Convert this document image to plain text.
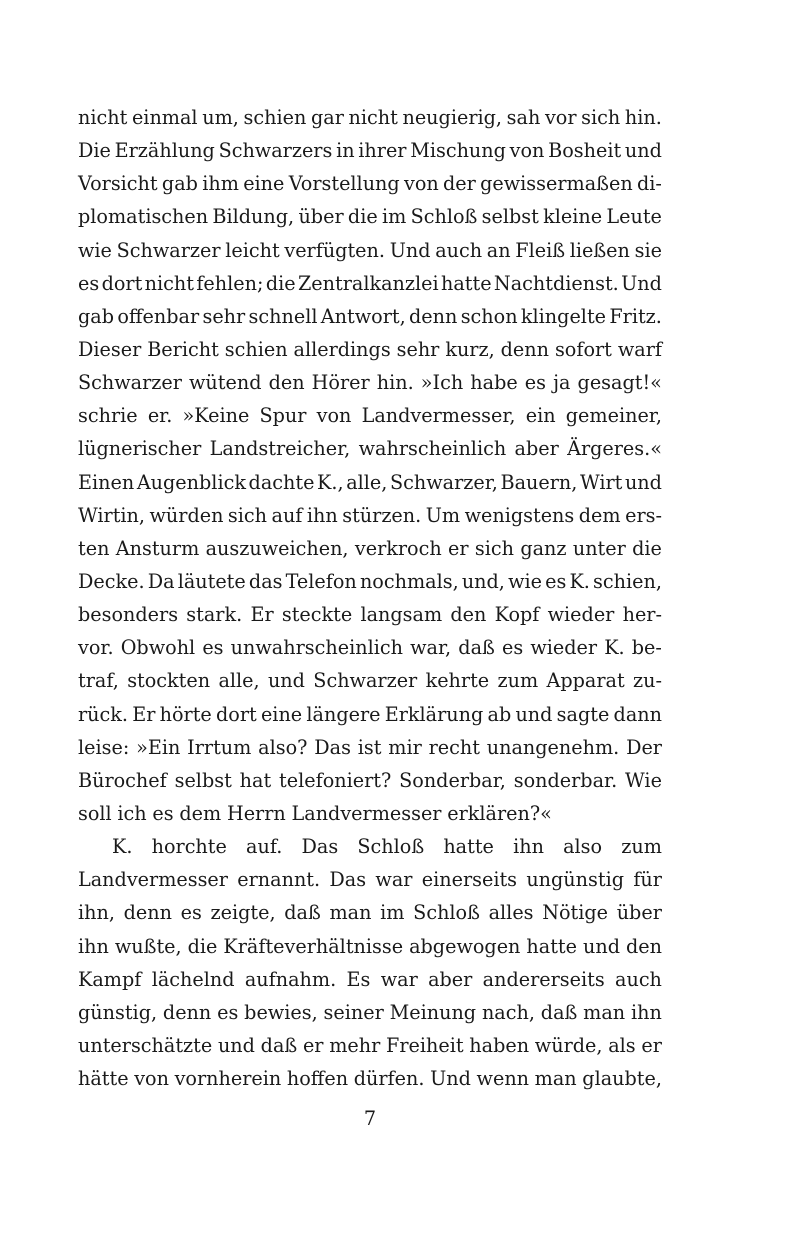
nicht einmal um, schien gar nicht neugierig, sah vor sich hin.
Die Erzählung Schwarzers in ihrer Mischung von Bosheit und
Vorsicht gab ihm eine Vorstellung von der gewissermaßen di-
plomatischen Bildung, über die im Schloß selbst kleine Leute
wie Schwarzer leicht verfügten. Und auch an Fleiß ließen sie
es dort nicht fehlen; die Zentralkanzlei hatte Nachtdienst. Und
gab offenbar sehr schnell Antwort, denn schon klingelte Fritz.
Dieser Bericht schien allerdings sehr kurz, denn sofort warf
Schwarzer wütend den Hörer hin. »Ich habe es ja gesagt!«
schrie er. »Keine Spur von Landvermesser, ein gemeiner,
lügnerischer Landstreicher, wahrscheinlich aber Ärgeres.«
Einen Augenblick dachte K., alle, Schwarzer, Bauern, Wirt und
Wirtin, würden sich auf ihn stürzen. Um wenigstens dem ers-
ten Ansturm auszuweichen, verkroch er sich ganz unter die
Decke. Da läutete das Telefon nochmals, und, wie es K. schien,
besonders stark. Er steckte langsam den Kopf wieder her-
vor. Obwohl es unwahrscheinlich war, daß es wieder K. be-
traf, stockten alle, und Schwarzer kehrte zum Apparat zu-
rück. Er hörte dort eine längere Erklärung ab und sagte dann
leise: »Ein Irrtum also? Das ist mir recht unangenehm. Der
Bürochef selbst hat telefoniert? Sonderbar, sonderbar. Wie
soll ich es dem Herrn Landvermesser erklären?«
K. horchte auf. Das Schloß hatte ihn also zum
Landvermesser ernannt. Das war einerseits ungünstig für
ihn, denn es zeigte, daß man im Schloß alles Nötige über
ihn wußte, die Kräfteverhältnisse abgewogen hatte und den
Kampf lächelnd aufnahm. Es war aber andererseits auch
günstig, denn es bewies, seiner Meinung nach, daß man ihn
unterschätzte und daß er mehr Freiheit haben würde, als er
hätte von vornherein hoffen dürfen. Und wenn man glaubte,
7
